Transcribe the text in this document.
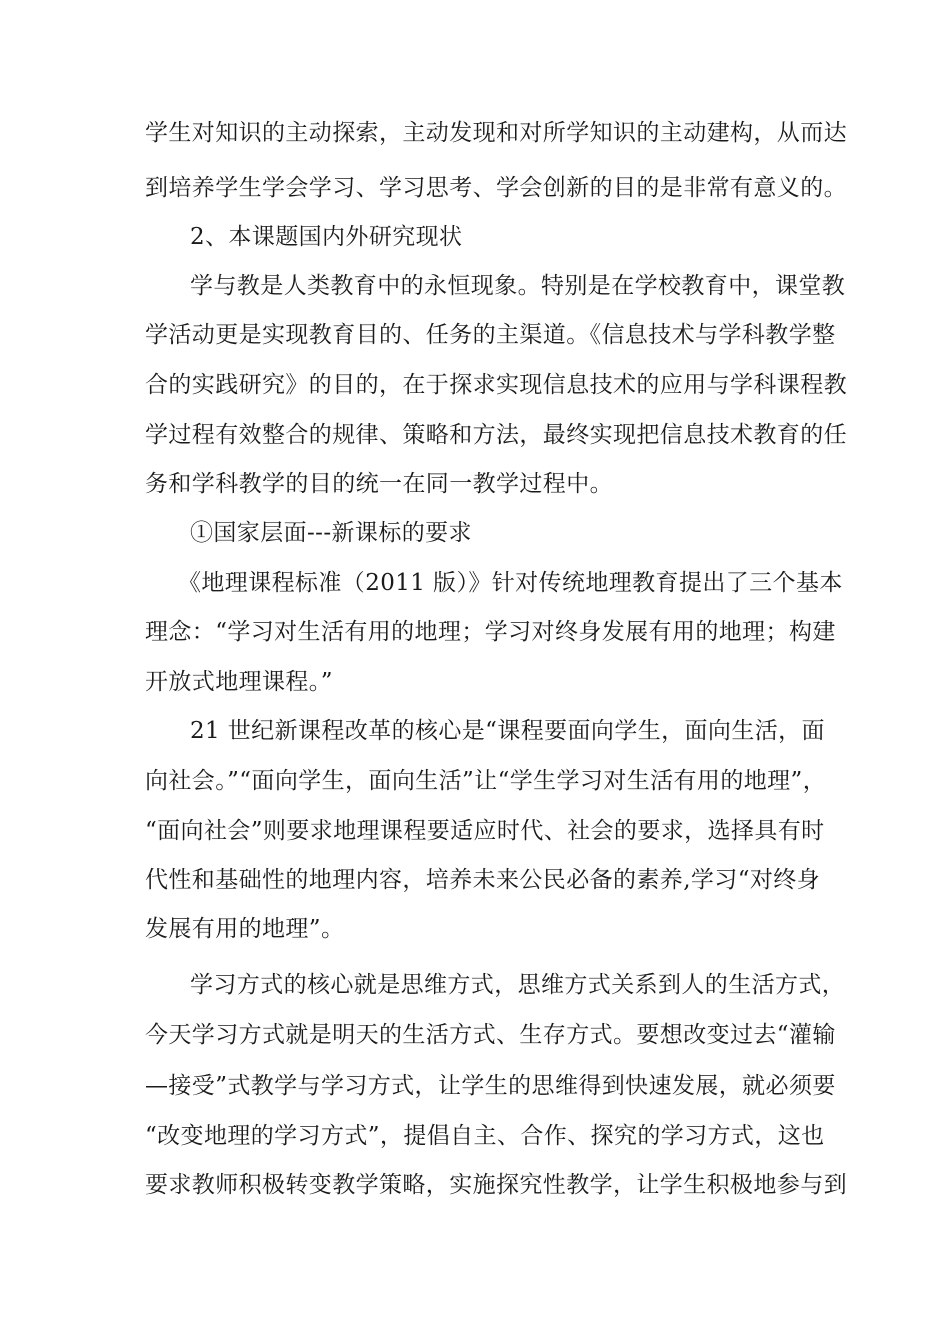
学生对知识的主动探索，主动发现和对所学知识的主动建构，从而达
到培养学生学会学习、学习思考、学会创新的目的是非常有意义的。
2、本课题国内外研究现状
学与教是人类教育中的永恒现象。特别是在学校教育中，课堂教
学活动更是实现教育目的、任务的主渠道。《信息技术与学科教学整
合的实践研究》的目的，在于探求实现信息技术的应用与学科课程教
学过程有效整合的规律、策略和方法，最终实现把信息技术教育的任
务和学科教学的目的统一在同一教学过程中。
①国家层面---新课标的要求
《地理课程标准（2011 版）》针对传统地理教育提出了三个基本
理念：“学习对生活有用的地理；学习对终身发展有用的地理；构建
开放式地理课程。”
21 世纪新课程改革的核心是“课程要面向学生，面向生活，面
向社会。”“面向学生，面向生活”让“学生学习对生活有用的地理”，
“面向社会”则要求地理课程要适应时代、社会的要求，选择具有时
代性和基础性的地理内容，培养未来公民必备的素养,学习“对终身
发展有用的地理”。
学习方式的核心就是思维方式，思维方式关系到人的生活方式，
今天学习方式就是明天的生活方式、生存方式。要想改变过去“灌输
—接受”式教学与学习方式，让学生的思维得到快速发展，就必须要
“改变地理的学习方式”，提倡自主、合作、探究的学习方式，这也
要求教师积极转变教学策略，实施探究性教学，让学生积极地参与到
